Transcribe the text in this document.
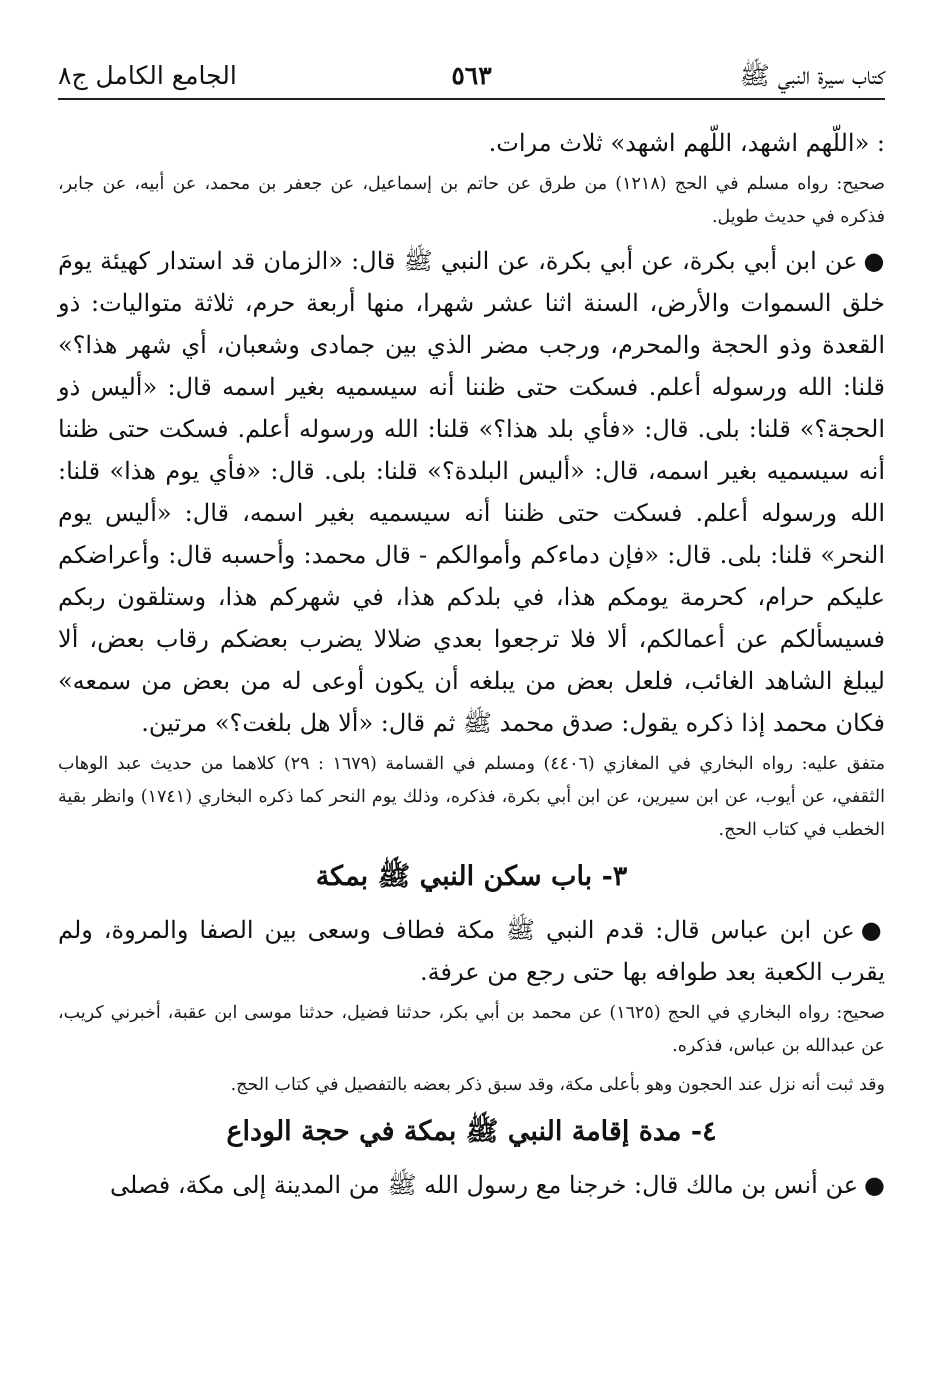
كتاب سيرة النبي ﷺ
٥٦٣
الجامع الكامل ج٨

: «اللّهم اشهد، اللّهم اشهد» ثلاث مرات.

صحيح: رواه مسلم في الحج (١٢١٨) من طرق عن حاتم بن إسماعيل، عن جعفر بن محمد، عن أبيه، عن جابر، فذكره في حديث طويل.

●عن ابن أبي بكرة، عن أبي بكرة، عن النبي ﷺ قال: «الزمان قد استدار كهيئة يومَ خلق السموات والأرض، السنة اثنا عشر شهرا، منها أربعة حرم، ثلاثة متواليات: ذو القعدة وذو الحجة والمحرم، ورجب مضر الذي بين جمادى وشعبان، أي شهر هذا؟» قلنا: الله ورسوله أعلم. فسكت حتى ظننا أنه سيسميه بغير اسمه قال: «أليس ذو الحجة؟» قلنا: بلى. قال: «فأي بلد هذا؟» قلنا: الله ورسوله أعلم. فسكت حتى ظننا أنه سيسميه بغير اسمه، قال: «أليس البلدة؟» قلنا: بلى. قال: «فأي يوم هذا» قلنا: الله ورسوله أعلم. فسكت حتى ظننا أنه سيسميه بغير اسمه، قال: «أليس يوم النحر» قلنا: بلى. قال: «فإن دماءكم وأموالكم - قال محمد: وأحسبه قال: وأعراضكم عليكم حرام، كحرمة يومكم هذا، في بلدكم هذا، في شهركم هذا، وستلقون ربكم فسيسألكم عن أعمالكم، ألا فلا ترجعوا بعدي ضلالا يضرب بعضكم رقاب بعض، ألا ليبلغ الشاهد الغائب، فلعل بعض من يبلغه أن يكون أوعى له من بعض من سمعه» فكان محمد إذا ذكره يقول: صدق محمد ﷺ ثم قال: «ألا هل بلغت؟» مرتين.

متفق عليه: رواه البخاري في المغازي (٤٤٠٦) ومسلم في القسامة (١٦٧٩ : ٢٩) كلاهما من حديث عبد الوهاب الثقفي، عن أيوب، عن ابن سيرين، عن ابن أبي بكرة، فذكره، وذلك يوم النحر كما ذكره البخاري (١٧٤١) وانظر بقية الخطب في كتاب الحج.

٣- باب سكن النبي ﷺ بمكة

●عن ابن عباس قال: قدم النبي ﷺ مكة فطاف وسعى بين الصفا والمروة، ولم يقرب الكعبة بعد طوافه بها حتى رجع من عرفة.

صحيح: رواه البخاري في الحج (١٦٢٥) عن محمد بن أبي بكر، حدثنا فضيل، حدثنا موسى ابن عقبة، أخبرني كريب، عن عبدالله بن عباس، فذكره.

وقد ثبت أنه نزل عند الحجون وهو بأعلى مكة، وقد سبق ذكر بعضه بالتفصيل في كتاب الحج.

٤- مدة إقامة النبي ﷺ بمكة في حجة الوداع

●عن أنس بن مالك قال: خرجنا مع رسول الله ﷺ من المدينة إلى مكة، فصلى
